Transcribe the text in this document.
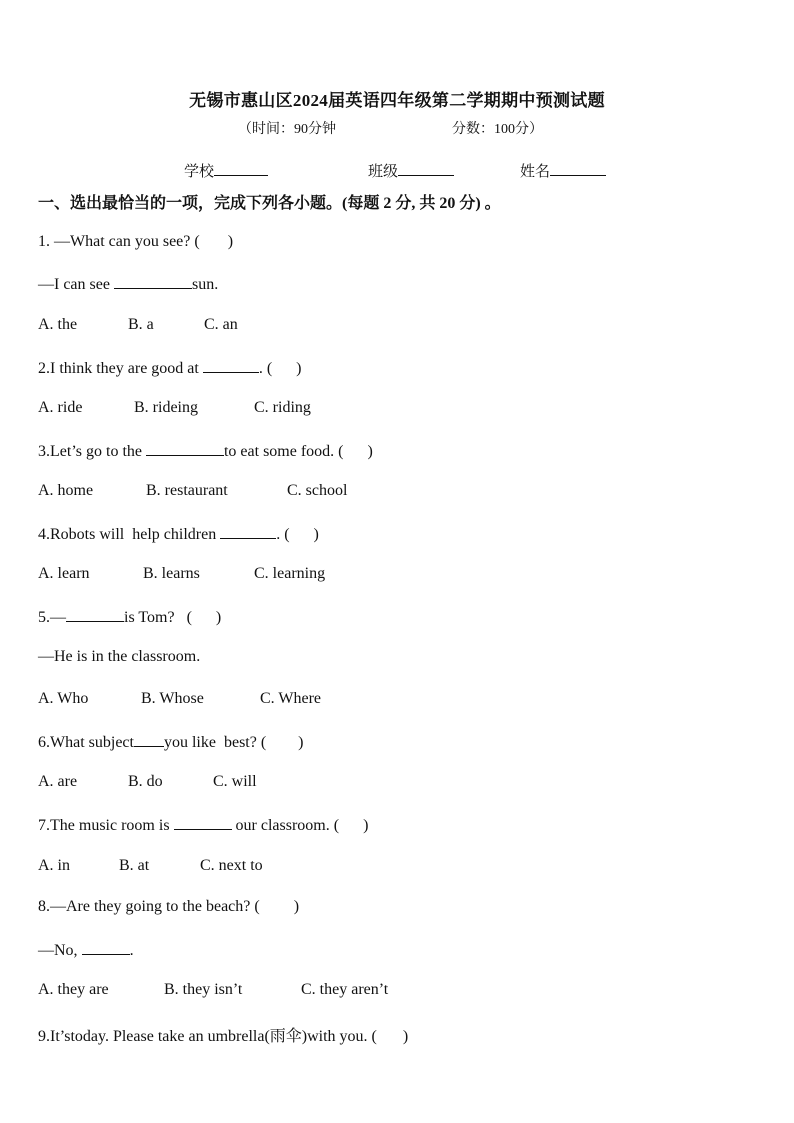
无锡市惠山区2024届英语四年级第二学期期中预测试题
（时间：90分钟	分数：100分）
学校	班级	姓名
一、选出最恰当的一项，完成下列各小题。(每题 2 分, 共 20 分) 。
1. —What can you see? ( )
—I can see	sun.
A. the	B. a	C. an
2.I think they are good at	. (      )
A. ride	B. rideing	C. riding
3.Let’s go to the	to eat some food. (      )
A. home	B. restaurant	C. school
4.Robots will  help children	. (      )
A. learn	B. learns	C. learning
5.—	is Tom?   (      )
—He is in the classroom.
A. Who	B. Whose	C. Where
6.What subject you like  best? (        )
A. are	B. do	C. will
7.The music room is	our classroom. (      )
A. in	B. at	C. next to
8.—Are they going to the beach? ( )
—No,	.
A. they are	B. they isn’t	C. they aren’t
9.It’stoday. Please take an umbrella(雨伞)with you. ( )
